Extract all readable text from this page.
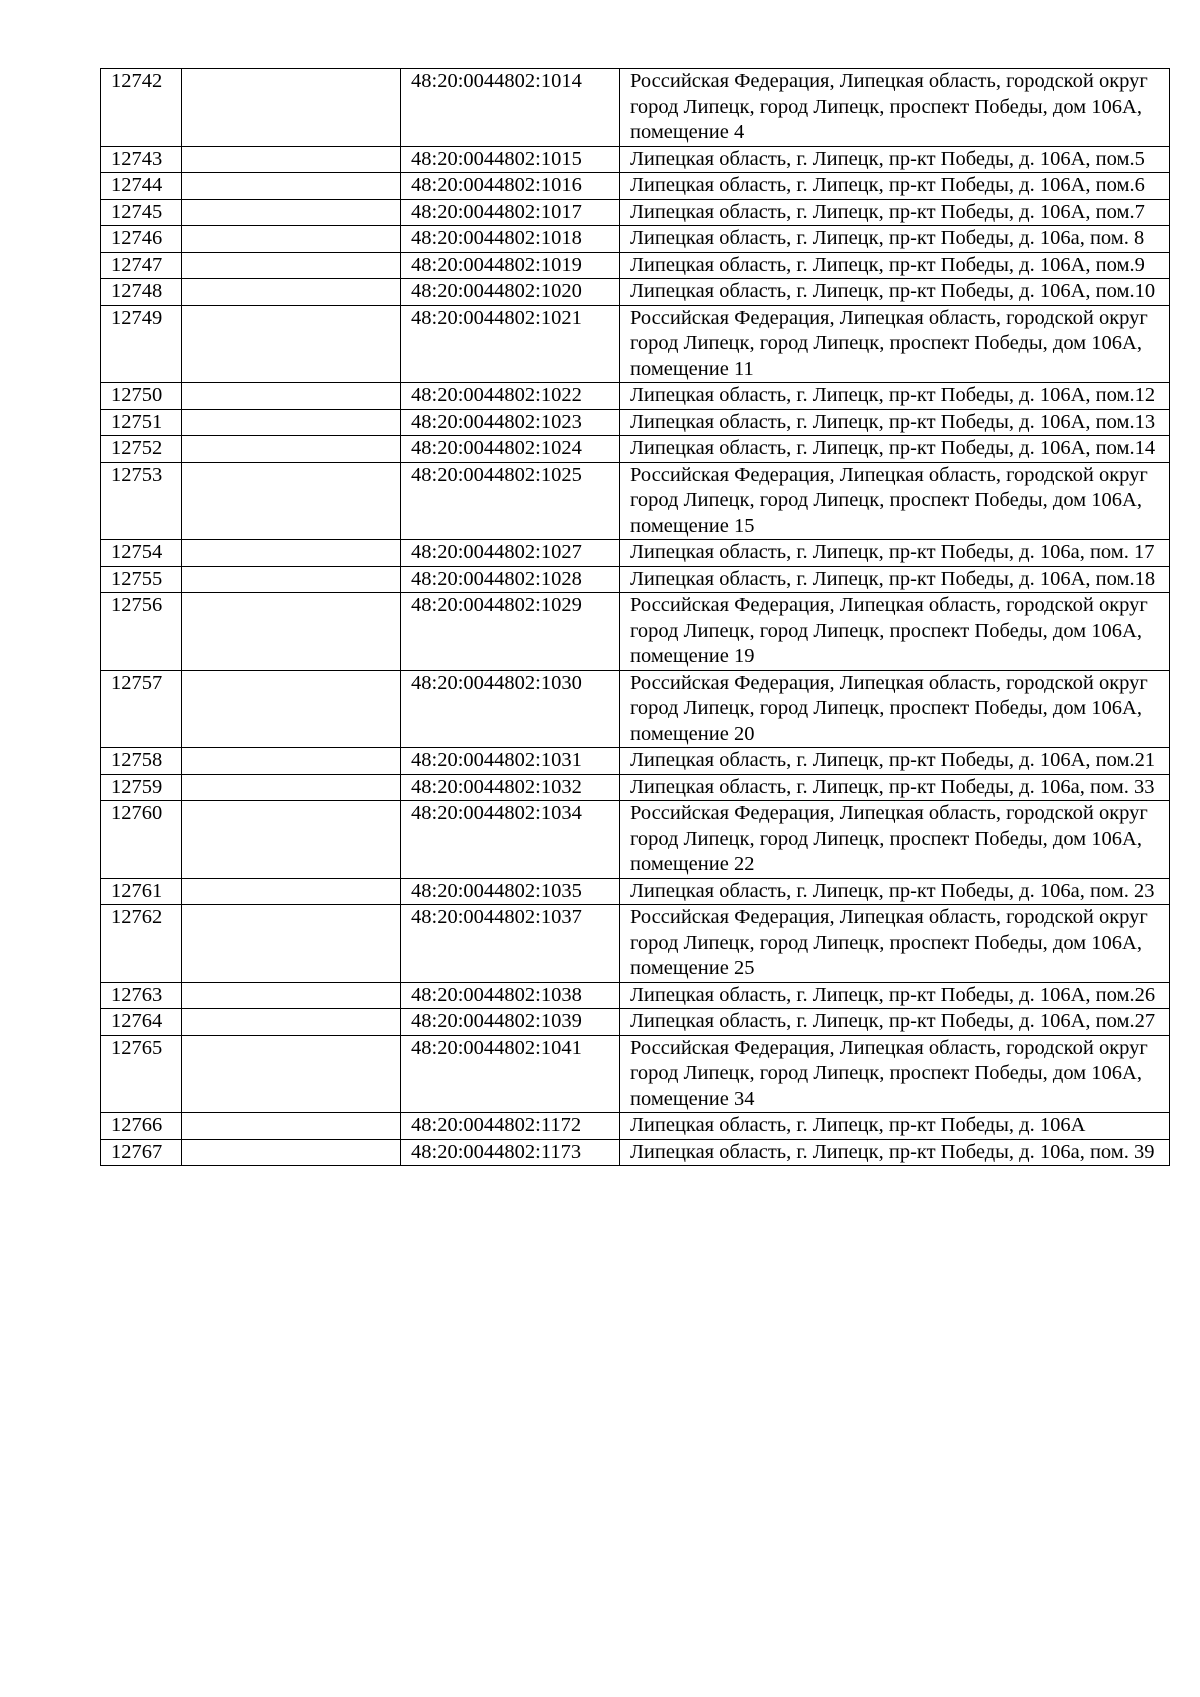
12742		48:20:0044802:1014	Российская Федерация, Липецкая область, городской округ город Липецк, город Липецк, проспект Победы, дом 106А, помещение 4
12743		48:20:0044802:1015	Липецкая область, г. Липецк, пр-кт Победы, д. 106А, пом.5
12744		48:20:0044802:1016	Липецкая область, г. Липецк, пр-кт Победы, д. 106А, пом.6
12745		48:20:0044802:1017	Липецкая область, г. Липецк, пр-кт Победы, д. 106А, пом.7
12746		48:20:0044802:1018	Липецкая область, г. Липецк, пр-кт Победы, д. 106а, пом. 8
12747		48:20:0044802:1019	Липецкая область, г. Липецк, пр-кт Победы, д. 106А, пом.9
12748		48:20:0044802:1020	Липецкая область, г. Липецк, пр-кт Победы, д. 106А, пом.10
12749		48:20:0044802:1021	Российская Федерация, Липецкая область, городской округ город Липецк, город Липецк, проспект Победы, дом 106А, помещение 11
12750		48:20:0044802:1022	Липецкая область, г. Липецк, пр-кт Победы, д. 106А, пом.12
12751		48:20:0044802:1023	Липецкая область, г. Липецк, пр-кт Победы, д. 106А, пом.13
12752		48:20:0044802:1024	Липецкая область, г. Липецк, пр-кт Победы, д. 106А, пом.14
12753		48:20:0044802:1025	Российская Федерация, Липецкая область, городской округ город Липецк, город Липецк, проспект Победы, дом 106А, помещение 15
12754		48:20:0044802:1027	Липецкая область, г. Липецк, пр-кт Победы, д. 106а, пом. 17
12755		48:20:0044802:1028	Липецкая область, г. Липецк, пр-кт Победы, д. 106А, пом.18
12756		48:20:0044802:1029	Российская Федерация, Липецкая область, городской округ город Липецк, город Липецк, проспект Победы, дом 106А, помещение 19
12757		48:20:0044802:1030	Российская Федерация, Липецкая область, городской округ город Липецк, город Липецк, проспект Победы, дом 106А, помещение 20
12758		48:20:0044802:1031	Липецкая область, г. Липецк, пр-кт Победы, д. 106А, пом.21
12759		48:20:0044802:1032	Липецкая область, г. Липецк, пр-кт Победы, д. 106а, пом. 33
12760		48:20:0044802:1034	Российская Федерация, Липецкая область, городской округ город Липецк, город Липецк, проспект Победы, дом 106А, помещение 22
12761		48:20:0044802:1035	Липецкая область, г. Липецк, пр-кт Победы, д. 106а, пом. 23
12762		48:20:0044802:1037	Российская Федерация, Липецкая область, городской округ город Липецк, город Липецк, проспект Победы, дом 106А, помещение 25
12763		48:20:0044802:1038	Липецкая область, г. Липецк, пр-кт Победы, д. 106А, пом.26
12764		48:20:0044802:1039	Липецкая область, г. Липецк, пр-кт Победы, д. 106А, пом.27
12765		48:20:0044802:1041	Российская Федерация, Липецкая область, городской округ город Липецк, город Липецк, проспект Победы, дом 106А, помещение 34
12766		48:20:0044802:1172	Липецкая область, г. Липецк, пр-кт Победы, д. 106А
12767		48:20:0044802:1173	Липецкая область, г. Липецк, пр-кт Победы, д. 106а, пом. 39
